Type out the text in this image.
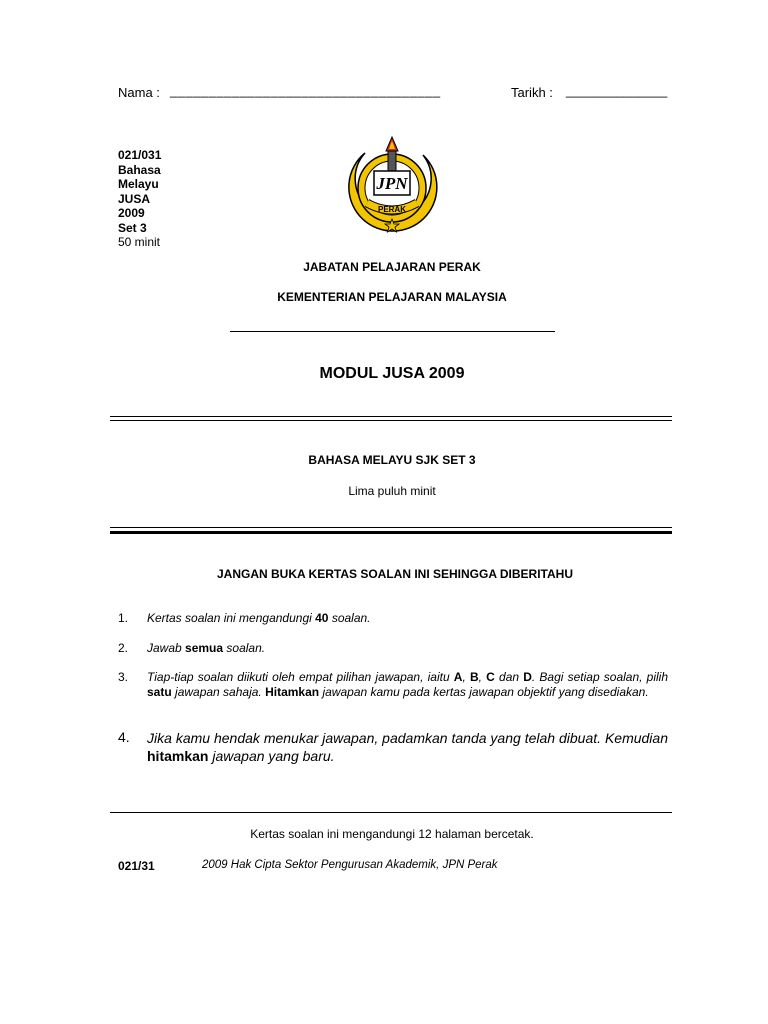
Nama : ___________________________________	Tarikh : ______________
021/031
Bahasa
Melayu
JUSA
2009
Set 3
50 minit
JPN
PERAK
JABATAN PELAJARAN PERAK
KEMENTERIAN PELAJARAN MALAYSIA
MODUL JUSA 2009
BAHASA MELAYU SJK SET 3
Lima puluh minit
JANGAN BUKA KERTAS SOALAN INI SEHINGGA DIBERITAHU
1. Kertas soalan ini mengandungi 40 soalan.
2. Jawab semua soalan.
3. Tiap-tiap soalan diikuti oleh empat pilihan jawapan, iaitu A, B, C dan D. Bagi setiap soalan, pilih satu jawapan sahaja. Hitamkan jawapan kamu pada kertas jawapan objektif yang disediakan.
4. Jika kamu hendak menukar jawapan, padamkan tanda yang telah dibuat. Kemudian hitamkan jawapan yang baru.
Kertas soalan ini mengandungi 12 halaman bercetak.
021/31	2009 Hak Cipta Sektor Pengurusan Akademik, JPN Perak
